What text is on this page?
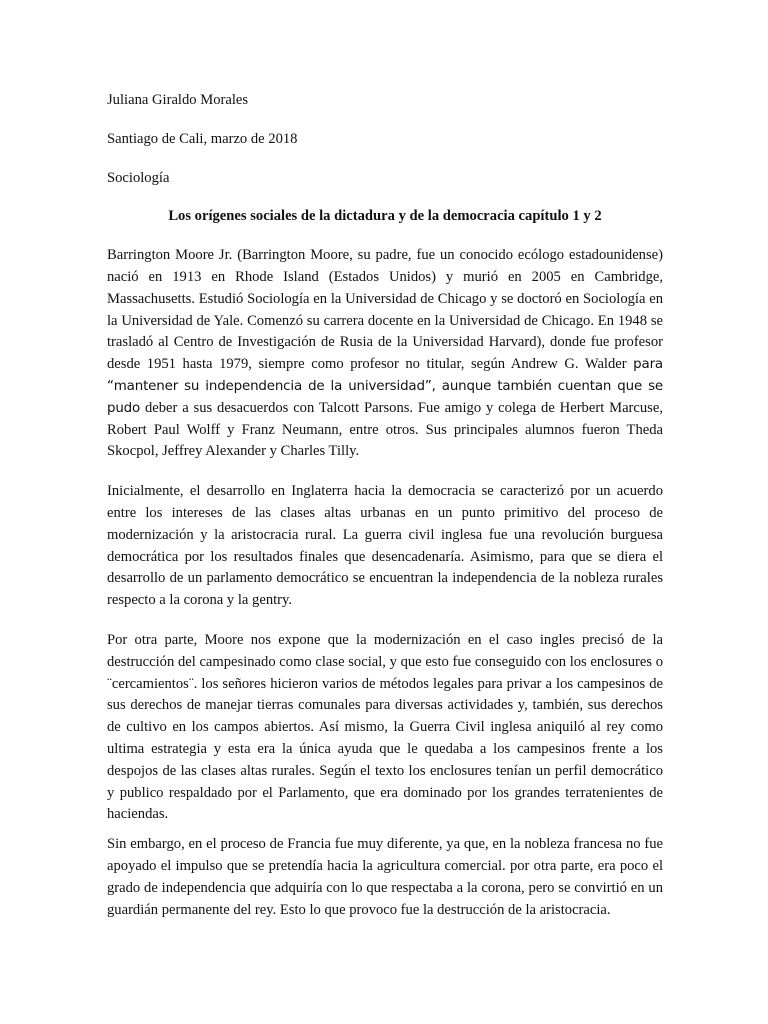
Juliana Giraldo Morales

Santiago de Cali, marzo de 2018

Sociología

Los orígenes sociales de la dictadura y de la democracia capítulo 1 y 2

Barrington Moore Jr. (Barrington Moore, su padre, fue un conocido ecólogo estadounidense) nació en 1913 en Rhode Island (Estados Unidos) y murió en 2005 en Cambridge, Massachusetts. Estudió Sociología en la Universidad de Chicago y se doctoró en Sociología en la Universidad de Yale. Comenzó su carrera docente en la Universidad de Chicago. En 1948 se trasladó al Centro de Investigación de Rusia de la Universidad Harvard), donde fue profesor desde 1951 hasta 1979, siempre como profesor no titular, según Andrew G. Walder para “mantener su independencia de la universidad”, aunque también cuentan que se pudo deber a sus desacuerdos con Talcott Parsons. Fue amigo y colega de Herbert Marcuse, Robert Paul Wolff y Franz Neumann, entre otros. Sus principales alumnos fueron Theda Skocpol, Jeffrey Alexander y Charles Tilly.

Inicialmente, el desarrollo en Inglaterra hacia la democracia se caracterizó por un acuerdo entre los intereses de las clases altas urbanas en un punto primitivo del proceso de modernización y la aristocracia rural. La guerra civil inglesa fue una revolución burguesa democrática por los resultados finales que desencadenaría. Asimismo, para que se diera el desarrollo de un parlamento democrático se encuentran la independencia de la nobleza rurales respecto a la corona y la gentry.

Por otra parte, Moore nos expone que la modernización en el caso ingles precisó de la destrucción del campesinado como clase social, y que esto fue conseguido con los enclosures o ¨cercamientos¨. los señores hicieron varios de métodos legales para privar a los campesinos de sus derechos de manejar tierras comunales para diversas actividades y, también, sus derechos de cultivo en los campos abiertos. Así mismo, la Guerra Civil inglesa aniquiló al rey como ultima estrategia y esta era la única ayuda que le quedaba a los campesinos frente a los despojos de las clases altas rurales. Según el texto los enclosures tenían un perfil democrático y publico respaldado por el Parlamento, que era dominado por los grandes terratenientes de haciendas.

Sin embargo, en el proceso de Francia fue muy diferente, ya que, en la nobleza francesa no fue apoyado el impulso que se pretendía hacia la agricultura comercial. por otra parte, era poco el grado de independencia que adquiría con lo que respectaba a la corona, pero se convirtió en un guardián permanente del rey. Esto lo que provoco fue la destrucción de la aristocracia.
